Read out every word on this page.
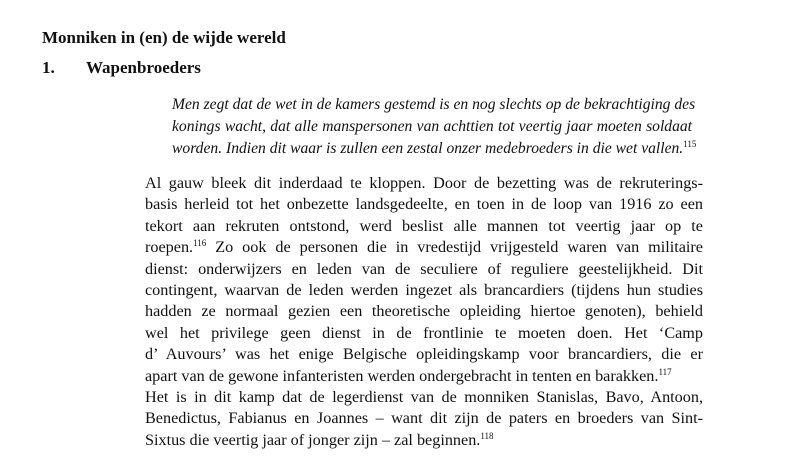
Monniken in (en) de wijde wereld
1. Wapenbroeders
Men zegt dat de wet in de kamers gestemd is en nog slechts op de bekrachtiging des
konings wacht, dat alle manspersonen van achttien tot veertig jaar moeten soldaat
worden. Indien dit waar is zullen een zestal onzer medebroeders in die wet vallen.$^{115}$
Al gauw bleek dit inderdaad te kloppen. Door de bezetting was de rekruterings-
basis herleid tot het onbezette landsgedeelte, en toen in de loop van 1916 zo een
tekort aan rekruten ontstond, werd beslist alle mannen tot veertig jaar op te
roepen.$^{116}$ Zo ook de personen die in vredestijd vrijgesteld waren van militaire
dienst: onderwijzers en leden van de seculiere of reguliere geestelijkheid. Dit
contingent, waarvan de leden werden ingezet als brancardiers (tijdens hun studies
hadden ze normaal gezien een theoretische opleiding hiertoe genoten), behield
wel het privilege geen dienst in de frontlinie te moeten doen. Het ‘Camp
d’ Auvours’ was het enige Belgische opleidingskamp voor brancardiers, die er
apart van de gewone infanteristen werden ondergebracht in tenten en barakken.$^{117}$
Het is in dit kamp dat de legerdienst van de monniken Stanislas, Bavo, Antoon,
Benedictus, Fabianus en Joannes – want dit zijn de paters en broeders van Sint-
Sixtus die veertig jaar of jonger zijn – zal beginnen.$^{118}$
